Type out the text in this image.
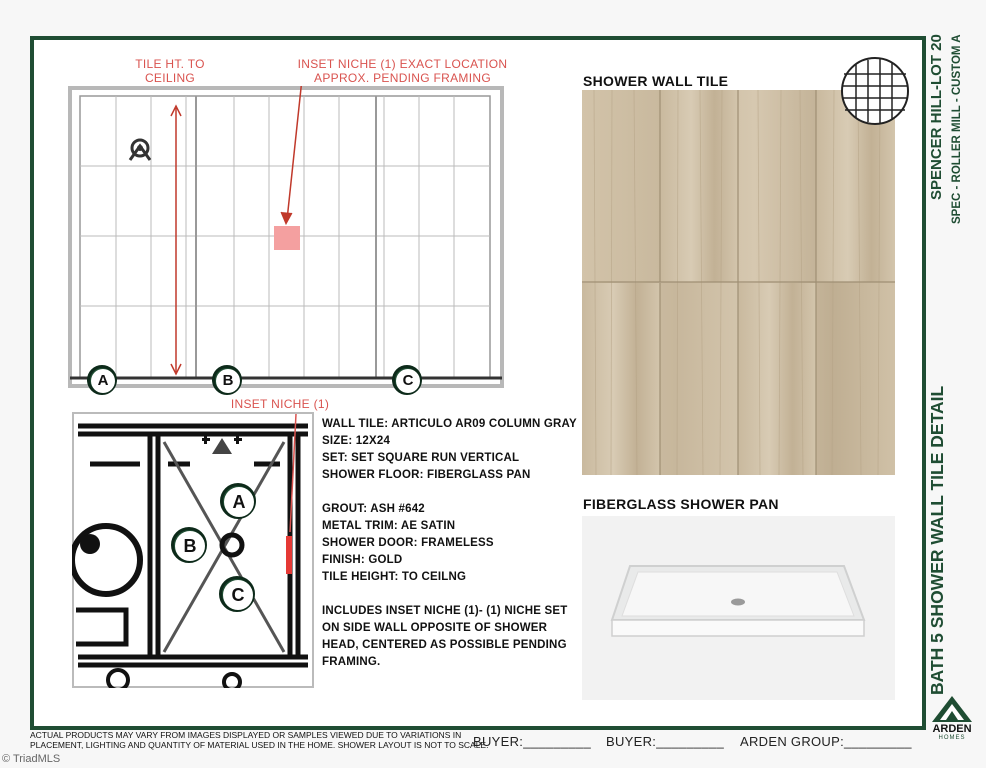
TILE HT. TO
CEILING
INSET NICHE (1) EXACT LOCATION
APPROX. PENDING FRAMING
A	B	C
INSET NICHE (1)
A
B
C
WALL TILE: ARTICULO AR09 COLUMN GRAY
SIZE: 12X24
SET: SET SQUARE RUN VERTICAL
SHOWER FLOOR: FIBERGLASS PAN
GROUT: ASH #642
METAL TRIM: AE SATIN
SHOWER DOOR: FRAMELESS
FINISH: GOLD
TILE HEIGHT: TO CEILNG
INCLUDES INSET NICHE (1)- (1) NICHE SET ON SIDE WALL OPPOSITE OF SHOWER HEAD, CENTERED AS POSSIBLE PENDING FRAMING.
SHOWER WALL TILE
FIBERGLASS SHOWER PAN
SPENCER HILL-LOT 20 SPEC - ROLLER MILL - CUSTOM A
BATH 5 SHOWER WALL TILE DETAIL
ACTUAL PRODUCTS MAY VARY FROM IMAGES DISPLAYED OR SAMPLES VIEWED DUE TO VARIATIONS IN
PLACEMENT, LIGHTING AND QUANTITY OF MATERIAL USED IN THE HOME. SHOWER LAYOUT IS NOT TO SCALE.
BUYER:_________ BUYER:_________ ARDEN GROUP:_________
ARDEN
HOMES
© TriadMLS
